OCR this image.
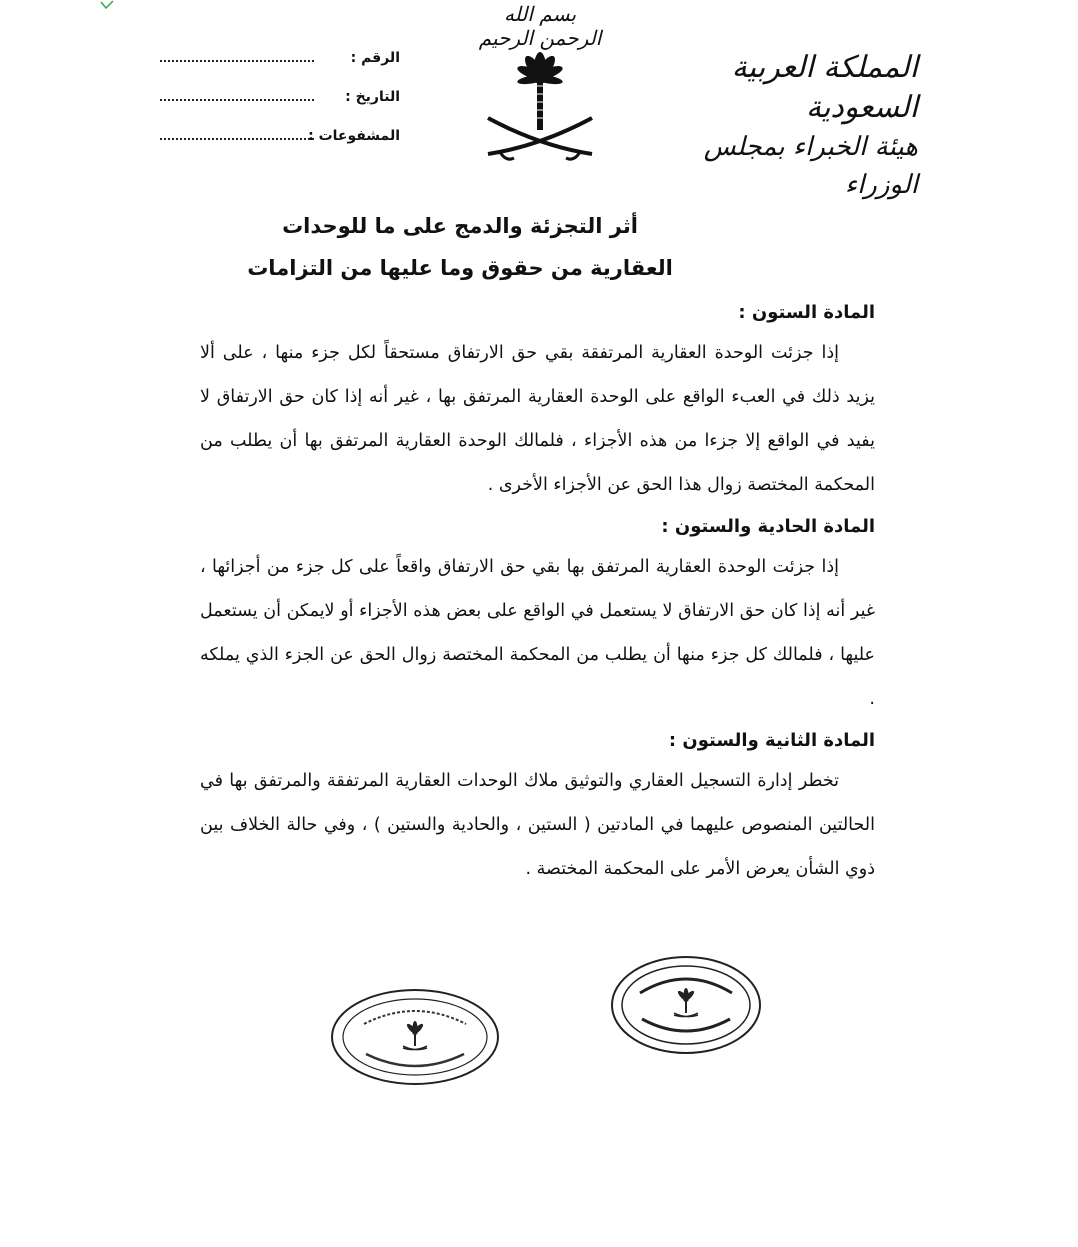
بسم الله الرحمن الرحيم
المملكة العربية السعودية
هيئة الخبراء بمجلس الوزراء
الرقم :
التاريخ :
المشفوعات :
أثر التجزئة والدمج على ما للوحدات
العقارية من حقوق وما عليها من التزامات
المادة الستون :

إذا جزئت الوحدة العقارية المرتفقة بقي حق الارتفاق مستحقاً لكل جزء منها ، على ألا يزيد ذلك في العبء الواقع على الوحدة العقارية المرتفق بها ، غير أنه إذا كان حق الارتفاق لا يفيد في الواقع إلا جزءا من هذه الأجزاء ، فلمالك الوحدة العقارية المرتفق بها أن يطلب من المحكمة المختصة زوال هذا الحق عن الأجزاء الأخرى .

المادة الحادية والستون :

إذا جزئت الوحدة العقارية المرتفق بها بقي حق الارتفاق واقعاً على كل جزء من أجزائها ، غير أنه إذا كان حق الارتفاق لا يستعمل في الواقع على بعض هذه الأجزاء أو لايمكن أن يستعمل عليها ، فلمالك كل جزء منها أن يطلب من المحكمة المختصة زوال الحق عن الجزء الذي يملكه .

المادة الثانية والستون :

تخطر إدارة التسجيل العقاري والتوثيق ملاك الوحدات العقارية المرتفقة والمرتفق بها في الحالتين المنصوص عليهما في المادتين ( الستين ، والحادية والستين ) ، وفي حالة الخلاف بين ذوي الشأن يعرض الأمر على المحكمة المختصة .
